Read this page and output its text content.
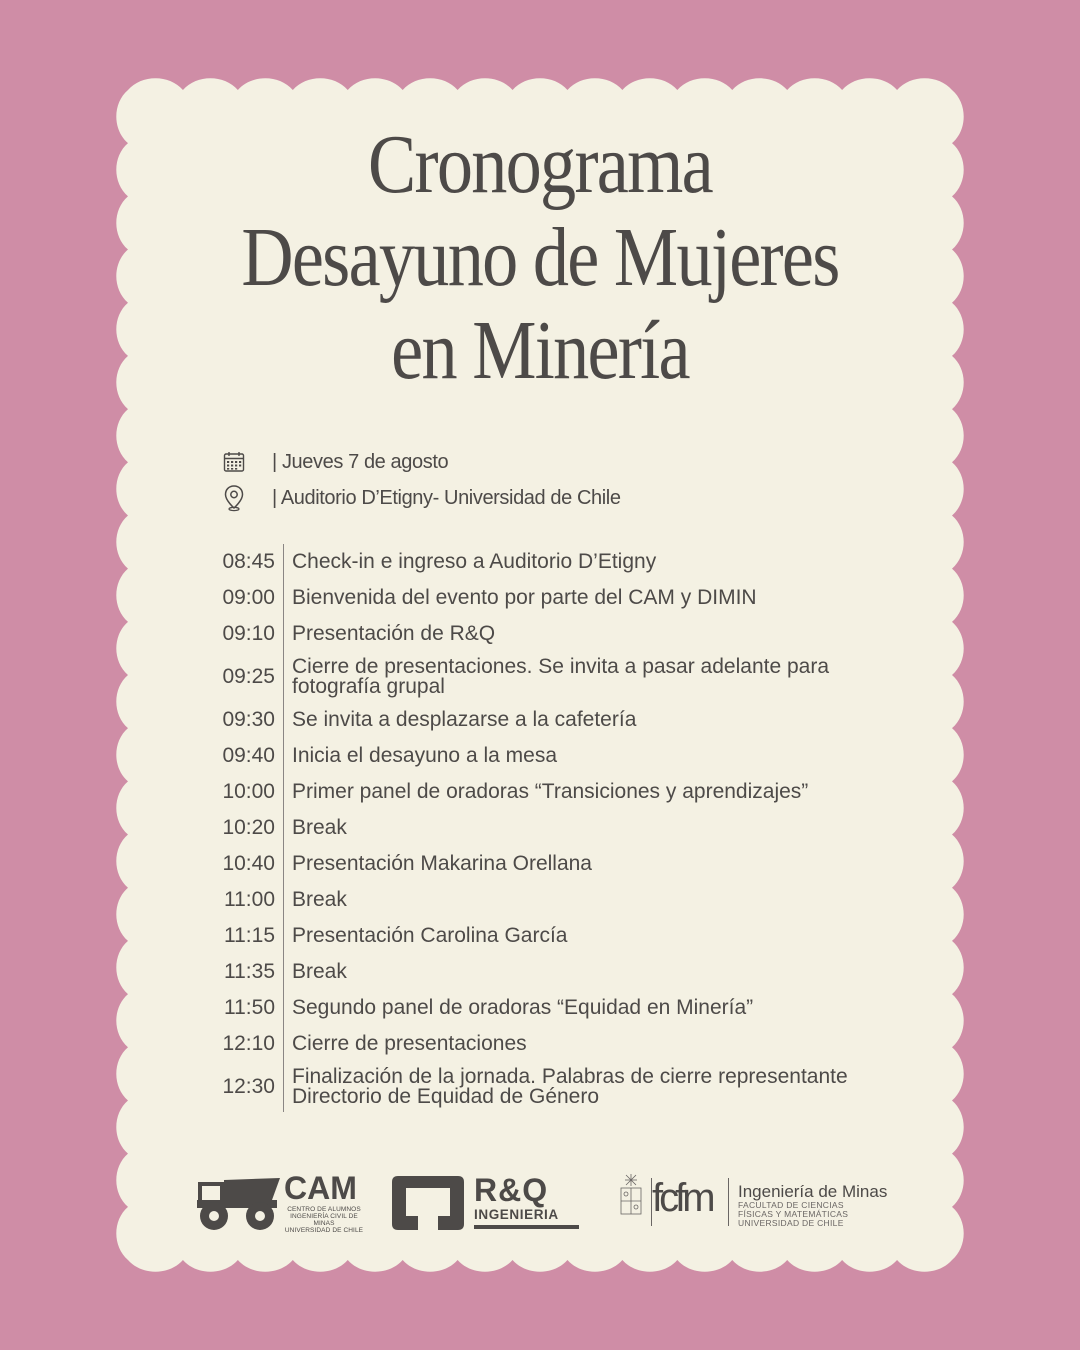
Cronograma
Desayuno de Mujeres
en Minería
| Jueves 7 de agosto
| Auditorio D’Etigny- Universidad de Chile
08:45 Check-in e ingreso a Auditorio D’Etigny
09:00 Bienvenida del evento por parte del CAM y DIMIN
09:10 Presentación de R&Q
09:25 Cierre de presentaciones. Se invita a pasar adelante para fotografía grupal
09:30 Se invita a desplazarse a la cafetería
09:40 Inicia el desayuno a la mesa
10:00 Primer panel de oradoras “Transiciones y aprendizajes”
10:20 Break
10:40 Presentación Makarina Orellana
11:00 Break
11:15 Presentación Carolina García
11:35 Break
11:50 Segundo panel de oradoras “Equidad en Minería”
12:10 Cierre de presentaciones
12:30 Finalización de la jornada. Palabras de cierre representante Directorio de Equidad de Género
CAM
CENTRO DE ALUMNOS
INGENIERÍA CIVIL DE MINAS
UNIVERSIDAD DE CHILE
R&Q
INGENIERIA fcfm Ingeniería de Minas
FACULTAD DE CIENCIAS
FÍSICAS Y MATEMÁTICAS
UNIVERSIDAD DE CHILE
